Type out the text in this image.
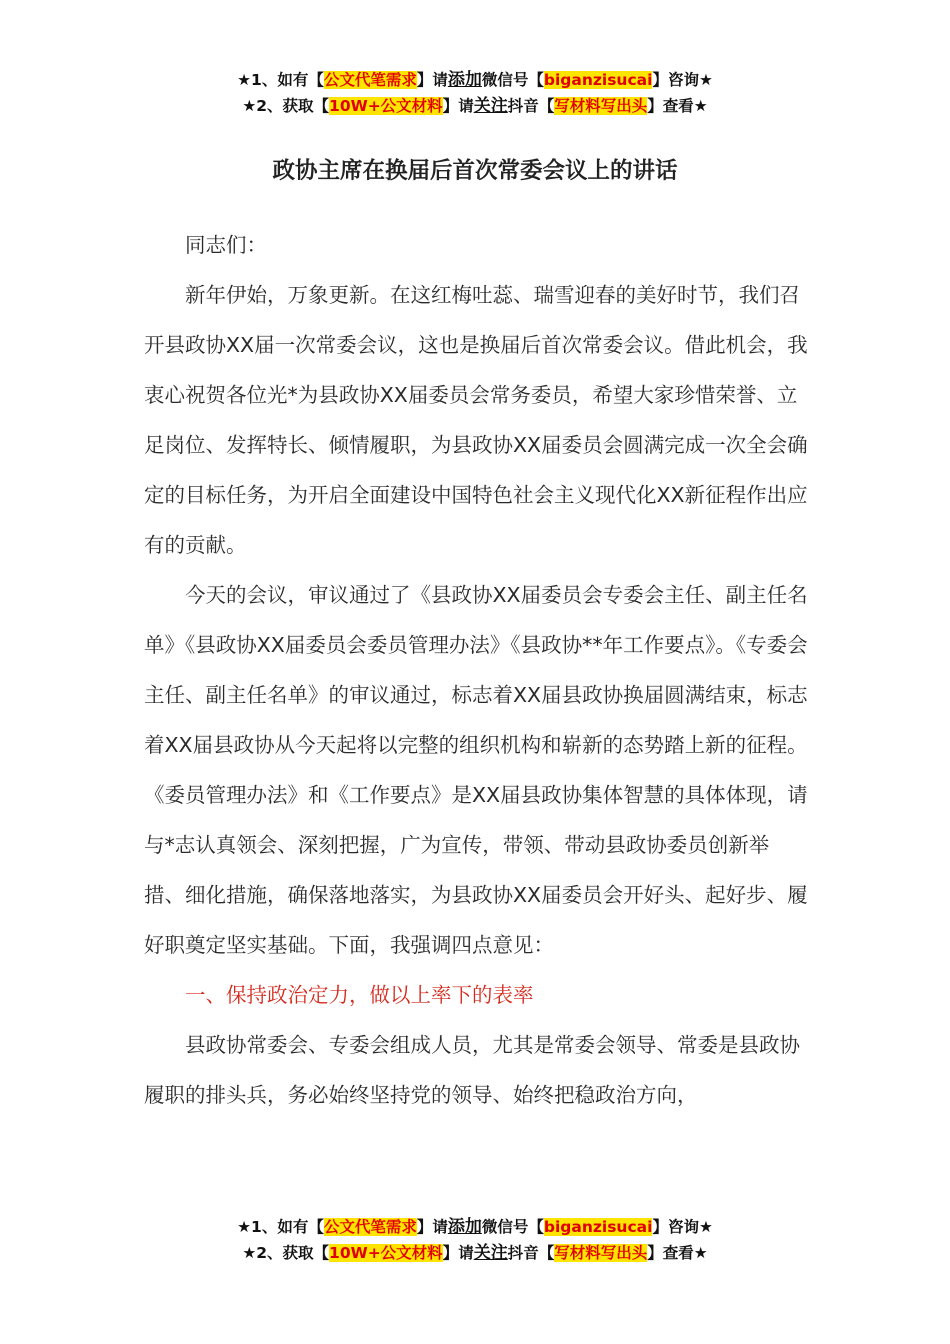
★1、如有【公文代笔需求】请添加微信号【biganzisucai】咨询★
★2、获取【10W+公文材料】请关注抖音【写材料写出头】查看★
政协主席在换届后首次常委会议上的讲话

同志们：

新年伊始，万象更新。在这红梅吐蕊、瑞雪迎春的美好时节，我们召开县政协XX届一次常委会议，这也是换届后首次常委会议。借此机会，我衷心祝贺各位光*为县政协XX届委员会常务委员，希望大家珍惜荣誉、立足岗位、发挥特长、倾情履职，为县政协XX届委员会圆满完成一次全会确定的目标任务，为开启全面建设中国特色社会主义现代化XX新征程作出应有的贡献。

今天的会议，审议通过了《县政协XX届委员会专委会主任、副主任名单》《县政协XX届委员会委员管理办法》《县政协**年工作要点》。《专委会主任、副主任名单》的审议通过，标志着XX届县政协换届圆满结束，标志着XX届县政协从今天起将以完整的组织机构和崭新的态势踏上新的征程。《委员管理办法》和《工作要点》是XX届县政协集体智慧的具体体现，请与*志认真领会、深刻把握，广为宣传，带领、带动县政协委员创新举措、细化措施，确保落地落实，为县政协XX届委员会开好头、起好步、履好职奠定坚实基础。下面，我强调四点意见：

一、保持政治定力，做以上率下的表率

县政协常委会、专委会组成人员，尤其是常委会领导、常委是县政协履职的排头兵，务必始终坚持党的领导、始终把稳政治方向，

★1、如有【公文代笔需求】请添加微信号【biganzisucai】咨询★
★2、获取【10W+公文材料】请关注抖音【写材料写出头】查看★
